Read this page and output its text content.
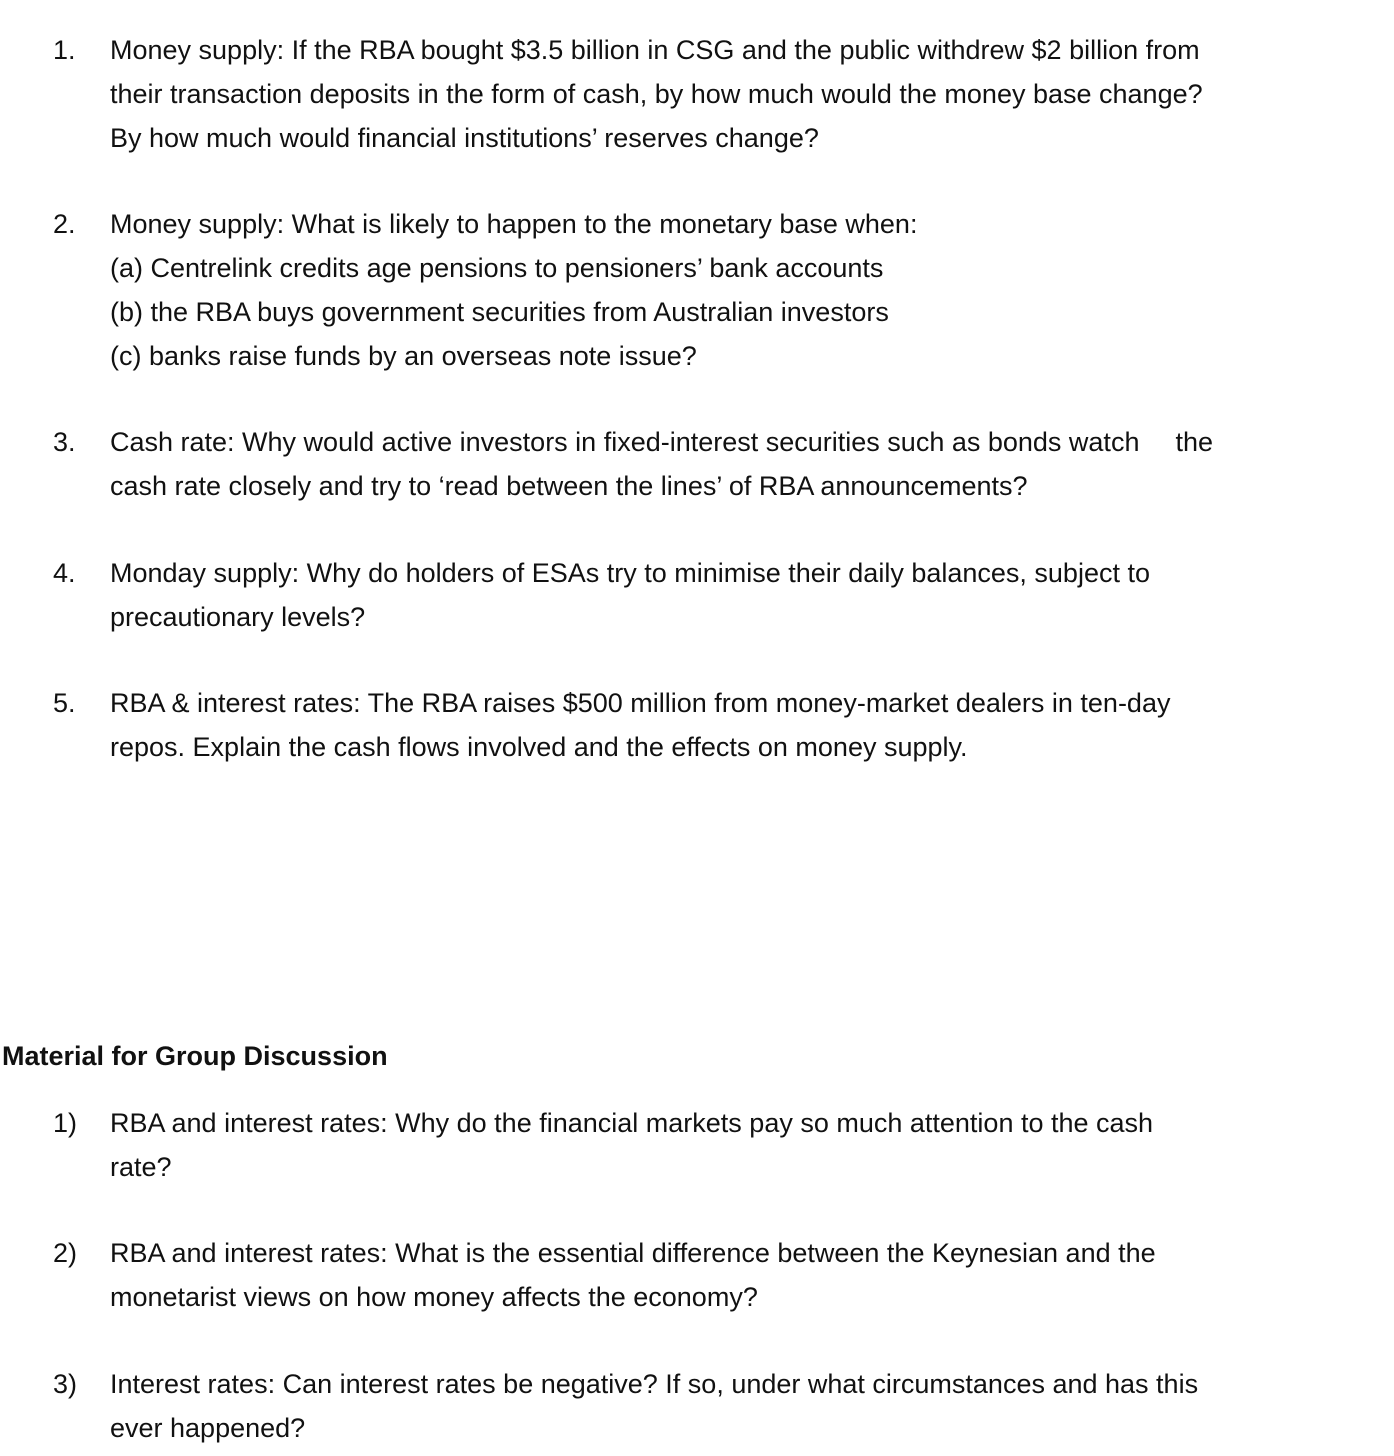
1. Money supply: If the RBA bought $3.5 billion in CSG and the public withdrew $2 billion from
their transaction deposits in the form of cash, by how much would the money base change?
By how much would financial institutions’ reserves change?
2. Money supply: What is likely to happen to the monetary base when:
(a) Centrelink credits age pensions to pensioners’ bank accounts
(b) the RBA buys government securities from Australian investors
(c) banks raise funds by an overseas note issue?
3. Cash rate: Why would active investors in fixed-interest securities such as bonds watch the
cash rate closely and try to ‘read between the lines’ of RBA announcements?
4. Monday supply: Why do holders of ESAs try to minimise their daily balances, subject to
precautionary levels?
5. RBA & interest rates: The RBA raises $500 million from money-market dealers in ten-day
repos. Explain the cash flows involved and the effects on money supply.
Material for Group Discussion
1) RBA and interest rates: Why do the financial markets pay so much attention to the cash
rate?
2) RBA and interest rates: What is the essential difference between the Keynesian and the
monetarist views on how money affects the economy?
3) Interest rates: Can interest rates be negative? If so, under what circumstances and has this
ever happened?
